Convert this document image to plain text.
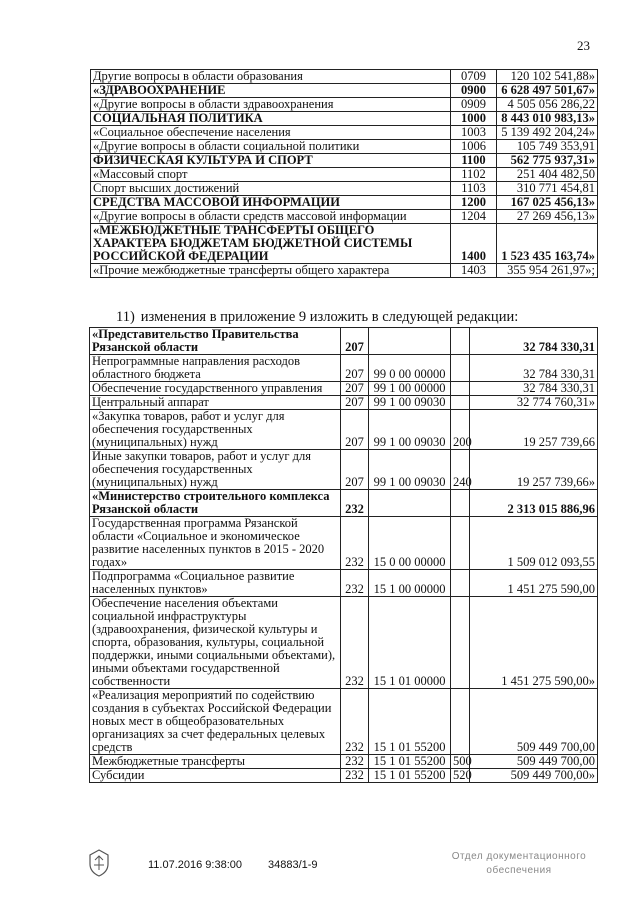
23
Другие вопросы в области образования	0709	120 102 541,88»
«ЗДРАВООХРАНЕНИЕ	0900	6 628 497 501,67»
«Другие вопросы в области здравоохранения	0909	4 505 056 286,22
СОЦИАЛЬНАЯ ПОЛИТИКА	1000	8 443 010 983,13»
«Социальное обеспечение населения	1003	5 139 492 204,24»
«Другие вопросы в области социальной политики	1006	105 749 353,91
ФИЗИЧЕСКАЯ КУЛЬТУРА И СПОРТ	1100	562 775 937,31»
«Массовый спорт	1102	251 404 482,50
Спорт высших достижений	1103	310 771 454,81
СРЕДСТВА МАССОВОЙ ИНФОРМАЦИИ	1200	167 025 456,13»
«Другие вопросы в области средств массовой информации	1204	27 269 456,13»
«МЕЖБЮДЖЕТНЫЕ ТРАНСФЕРТЫ ОБЩЕГО ХАРАКТЕРА БЮДЖЕТАМ БЮДЖЕТНОЙ СИСТЕМЫ РОССИЙСКОЙ ФЕДЕРАЦИИ	1400	1 523 435 163,74»
«Прочие межбюджетные трансферты общего характера	1403	355 954 261,97»;
11) изменения в приложение 9 изложить в следующей редакции:
«Представительство Правительства Рязанской области	207			32 784 330,31
Непрограммные направления расходов областного бюджета	207	99 0 00 00000		32 784 330,31
Обеспечение государственного управления	207	99 1 00 00000		32 784 330,31
Центральный аппарат	207	99 1 00 09030		32 774 760,31»
«Закупка товаров, работ и услуг для обеспечения государственных (муниципальных) нужд	207	99 1 00 09030	200	19 257 739,66
Иные закупки товаров, работ и услуг для обеспечения государственных (муниципальных) нужд	207	99 1 00 09030	240	19 257 739,66»
«Министерство строительного комплекса Рязанской области	232			2 313 015 886,96
Государственная программа Рязанской области «Социальное и экономическое развитие населенных пунктов в 2015 - 2020 годах»	232	15 0 00 00000		1 509 012 093,55
Подпрограмма «Социальное развитие населенных пунктов»	232	15 1 00 00000		1 451 275 590,00
Обеспечение населения объектами социальной инфраструктуры (здравоохранения, физической культуры и спорта, образования, культуры, социальной поддержки, иными социальными объектами), иными объектами государственной собственности	232	15 1 01 00000		1 451 275 590,00»
«Реализация мероприятий по содействию создания в субъектах Российской Федерации новых мест в общеобразовательных организациях за счет федеральных целевых средств	232	15 1 01 55200		509 449 700,00
Межбюджетные трансферты	232	15 1 01 55200	500	509 449 700,00
Субсидии	232	15 1 01 55200	520	509 449 700,00»
11.07.2016 9:38:00 34883/1-9
Отдел документационного
обеспечения
